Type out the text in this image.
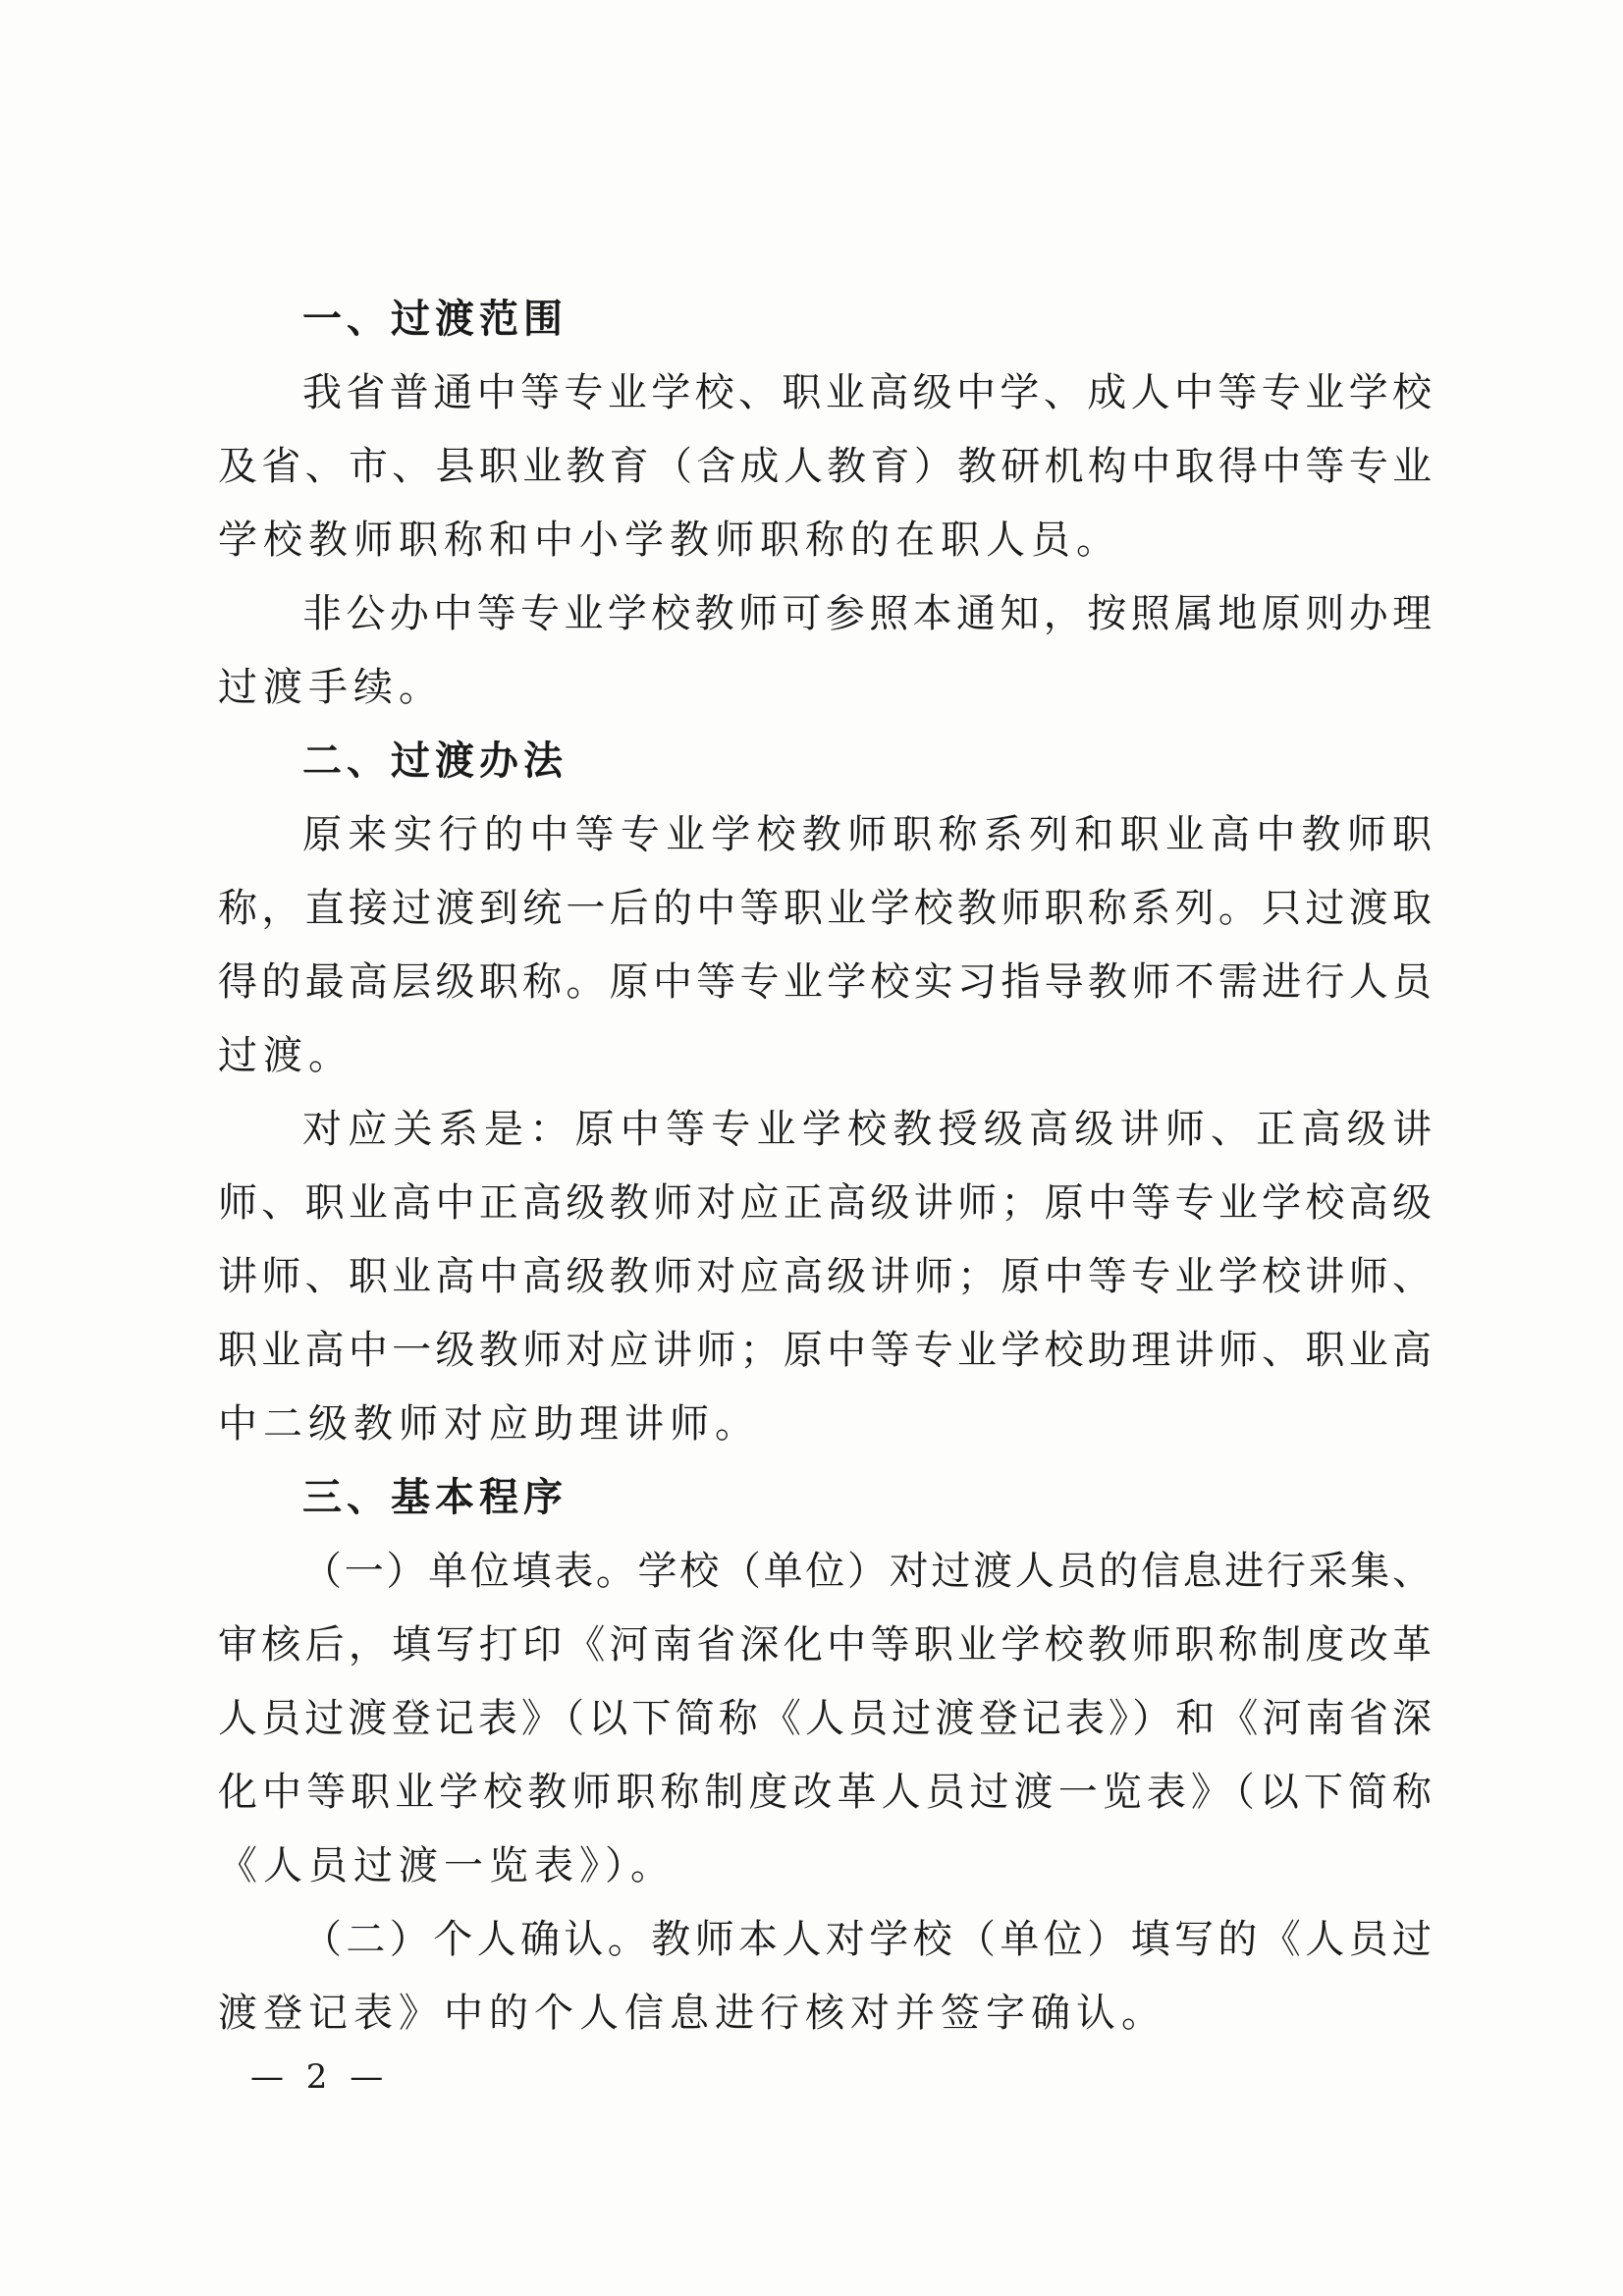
一、过渡范围
我省普通中等专业学校、职业高级中学、成人中等专业学校
及省、市、县职业教育（含成人教育）教研机构中取得中等专业
学校教师职称和中小学教师职称的在职人员。
非公办中等专业学校教师可参照本通知，按照属地原则办理
过渡手续。
二、过渡办法
原来实行的中等专业学校教师职称系列和职业高中教师职
称，直接过渡到统一后的中等职业学校教师职称系列。只过渡取
得的最高层级职称。原中等专业学校实习指导教师不需进行人员
过渡。
对应关系是：原中等专业学校教授级高级讲师、正高级讲
师、职业高中正高级教师对应正高级讲师；原中等专业学校高级
讲师、职业高中高级教师对应高级讲师；原中等专业学校讲师、
职业高中一级教师对应讲师；原中等专业学校助理讲师、职业高
中二级教师对应助理讲师。
三、基本程序
（一）单位填表。学校（单位）对过渡人员的信息进行采集、
审核后，填写打印《河南省深化中等职业学校教师职称制度改革
人员过渡登记表》（以下简称《人员过渡登记表》）和《河南省深
化中等职业学校教师职称制度改革人员过渡一览表》（以下简称
《人员过渡一览表》）。
（二）个人确认。教师本人对学校（单位）填写的《人员过
渡登记表》中的个人信息进行核对并签字确认。
— 2 —
